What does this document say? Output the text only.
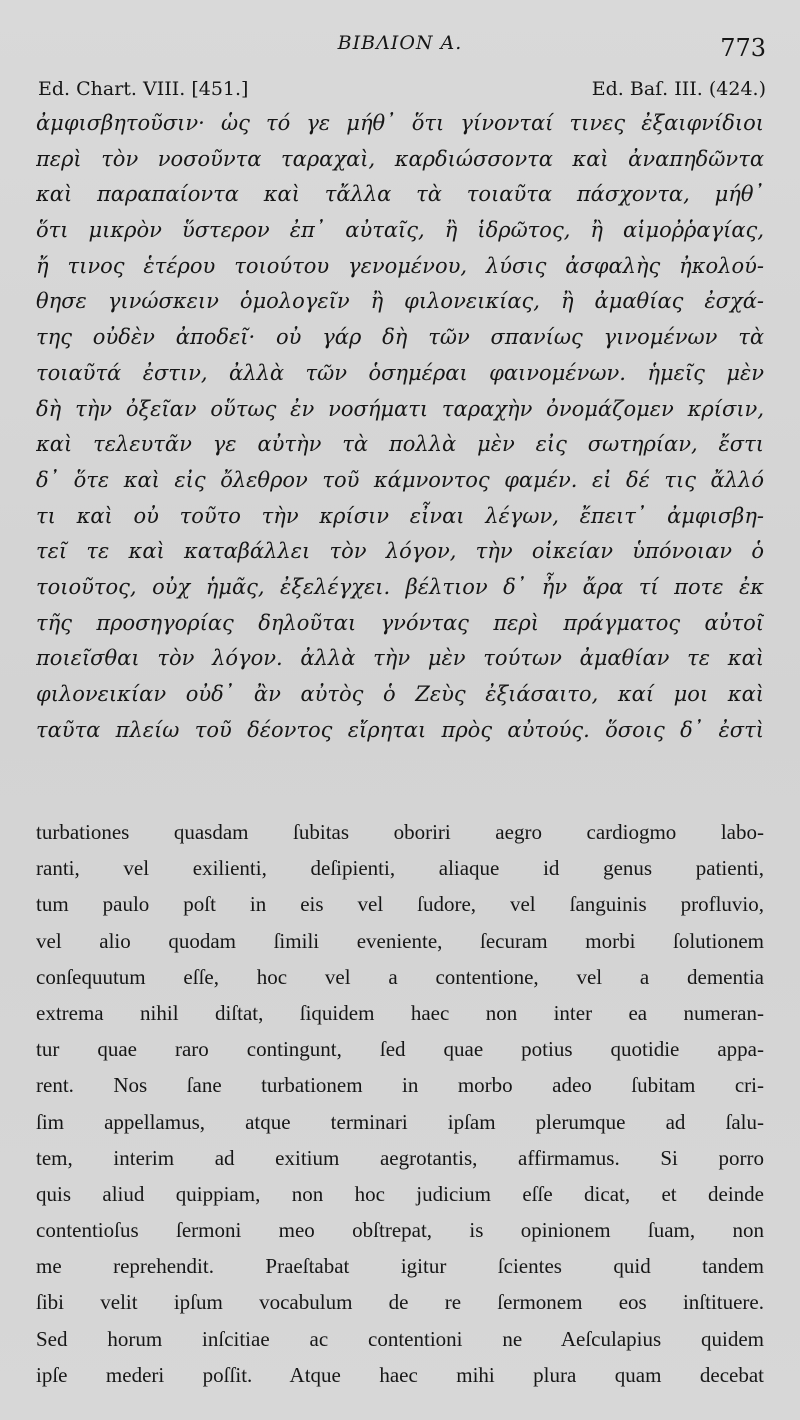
BIBΛΙΟΝ Α.	773
Ed. Chart. VIII. [451.]	Ed. Baſ. III. (424.)
ἀμφισβητοῦσιν· ὡς τό γε μήθ᾽ ὅτι γίνονταί τινες ἐξαιφνίδιοι
περὶ τὸν νοσοῦντα ταραχαὶ, καρδιώσσοντα καὶ ἀναπηδῶντα
καὶ παραπαίοντα καὶ τἄλλα τὰ τοιαῦτα πάσχοντα, μήθ᾽
ὅτι μικρὸν ὕστερον ἐπ᾽ αὐταῖς, ἢ ἱδρῶτος, ἢ αἱμοῤῥαγίας,
ἤ τινος ἑτέρου τοιούτου γενομένου, λύσις ἀσφαλὴς ἠκολού-
θησε γινώσκειν ὁμολογεῖν ἢ φιλονεικίας, ἢ ἀμαθίας ἐσχά-
της οὐδὲν ἀποδεῖ· οὐ γάρ δὴ τῶν σπανίως γινομένων τὰ
τοιαῦτά ἐστιν, ἀλλὰ τῶν ὁσημέραι φαινομένων. ἡμεῖς μὲν
δὴ τὴν ὀξεῖαν οὕτως ἐν νοσήματι ταραχὴν ὀνομάζομεν κρίσιν,
καὶ τελευτᾶν γε αὐτὴν τὰ πολλὰ μὲν εἰς σωτηρίαν, ἔστι
δ᾽ ὅτε καὶ εἰς ὄλεθρον τοῦ κάμνοντος φαμέν. εἰ δέ τις ἄλλό
τι καὶ οὐ τοῦτο τὴν κρίσιν εἶναι λέγων, ἔπειτ᾽ ἀμφισβη-
τεῖ τε καὶ καταβάλλει τὸν λόγον, τὴν οἰκείαν ὑπόνοιαν ὁ
τοιοῦτος, οὐχ ἡμᾶς, ἐξελέγχει. βέλτιον δ᾽ ἦν ἄρα τί ποτε ἐκ
τῆς προσηγορίας δηλοῦται γνόντας περὶ πράγματος αὐτοῖ
ποιεῖσθαι τὸν λόγον. ἀλλὰ τὴν μὲν τούτων ἀμαθίαν τε καὶ
φιλονεικίαν οὐδ᾽ ἂν αὐτὸς ὁ Ζεὺς ἐξιάσαιτο, καί μοι καὶ
ταῦτα πλείω τοῦ δέοντος εἴρηται πρὸς αὐτούς. ὅσοις δ᾽ ἐστὶ
turbationes quasdam ſubitas oboriri aegro cardiogmo labo-
ranti, vel exilienti, deſipienti, aliaque id genus patienti,
tum paulo poſt in eis vel ſudore, vel ſanguinis profluvio,
vel alio quodam ſimili eveniente, ſecuram morbi ſolutionem
conſequutum eſſe, hoc vel a contentione, vel a dementia
extrema nihil diſtat, ſiquidem haec non inter ea numeran-
tur quae raro contingunt, ſed quae potius quotidie appa-
rent. Nos ſane turbationem in morbo adeo ſubitam cri-
ſim appellamus, atque terminari ipſam plerumque ad ſalu-
tem, interim ad exitium aegrotantis, affirmamus. Si porro
quis aliud quippiam, non hoc judicium eſſe dicat, et deinde
contentioſus ſermoni meo obſtrepat, is opinionem ſuam, non
me reprehendit. Praeſtabat igitur ſcientes quid tandem
ſibi velit ipſum vocabulum de re ſermonem eos inſtituere.
Sed horum inſcitiae ac contentioni ne Aeſculapius quidem
ipſe mederi poſſit. Atque haec mihi plura quam decebat
